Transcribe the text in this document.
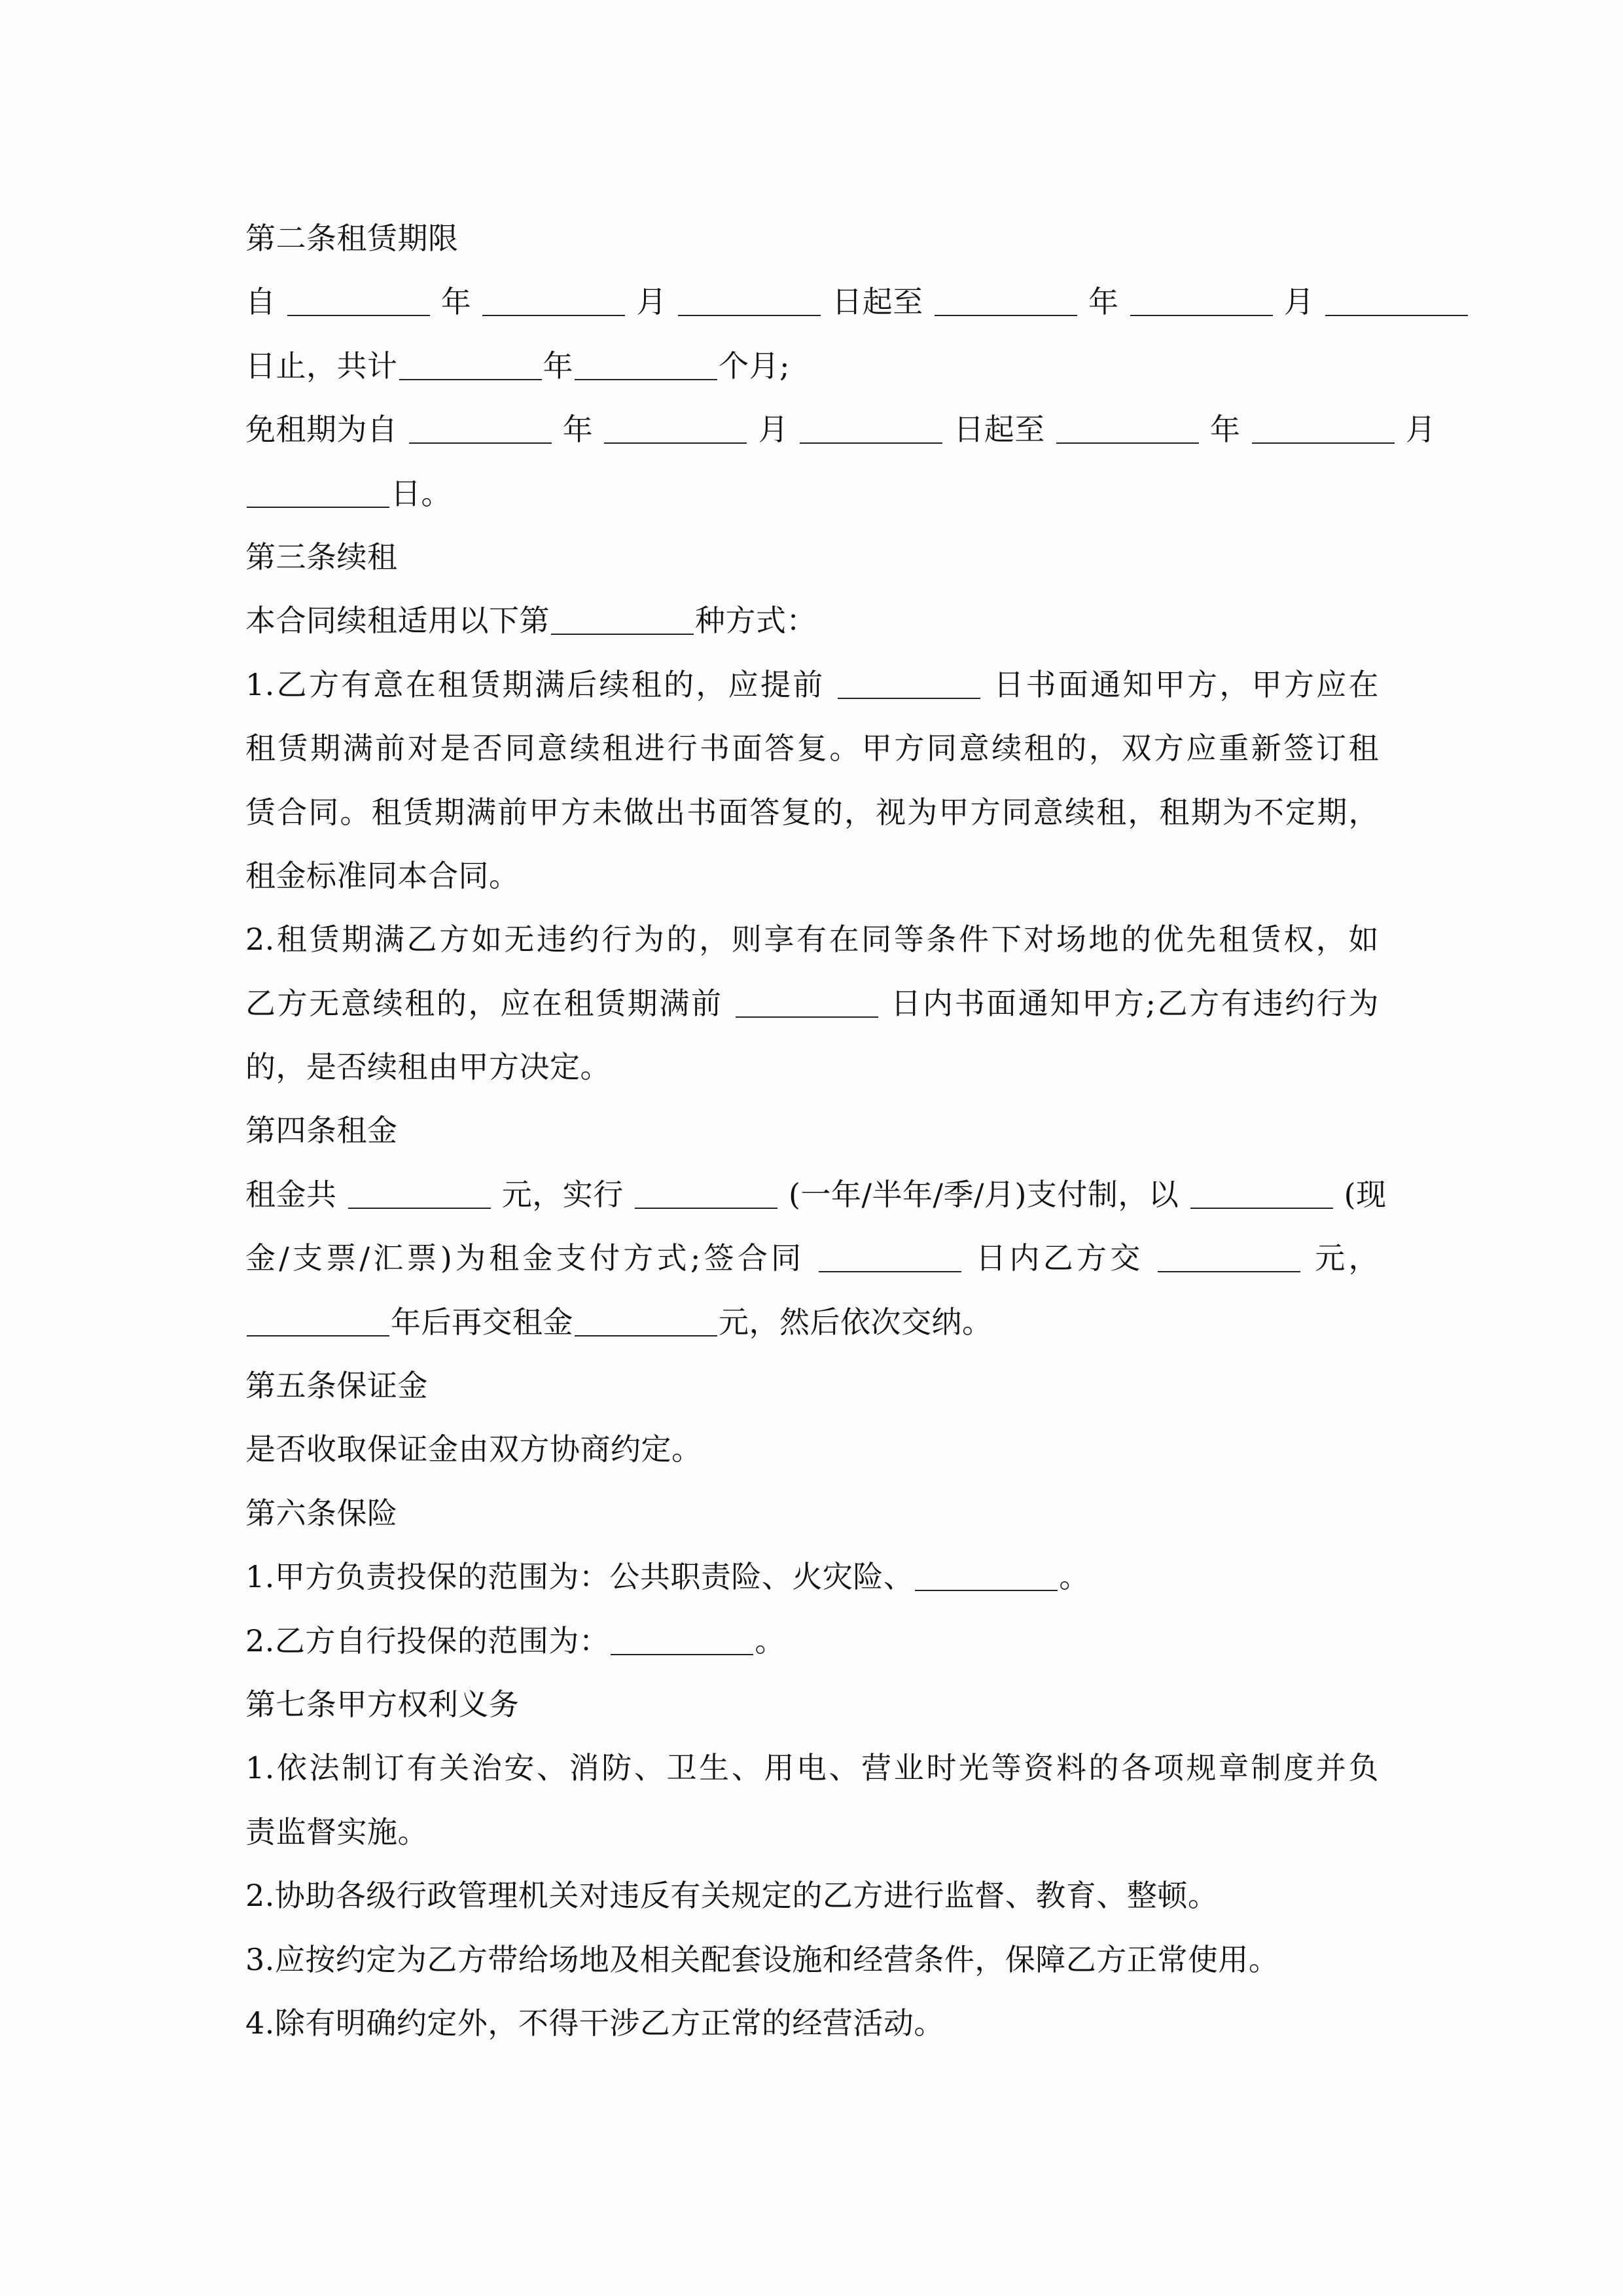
第二条租赁期限
自	年	月	日起至	年	月
日止，共计	年	个月;
免租期为自	年	月	日起至	年	月
日。
第三条续租
本合同续租适用以下第	种方式：
1.乙方有意在租赁期满后续租的，应提前	日书面通知甲方，甲方应在
租赁期满前对是否同意续租进行书面答复。甲方同意续租的，双方应重新签订租
赁合同。租赁期满前甲方未做出书面答复的，视为甲方同意续租，租期为不定期，
租金标准同本合同。
2.租赁期满乙方如无违约行为的，则享有在同等条件下对场地的优先租赁权，如
乙方无意续租的，应在租赁期满前	日内书面通知甲方;乙方有违约行为
的，是否续租由甲方决定。
第四条租金
租金共	元，实行	(一年/半年/季/月)支付制，以	(现
金/支票/汇票)为租金支付方式;签合同	日内乙方交	元，
年后再交租金	元，然后依次交纳。
第五条保证金
是否收取保证金由双方协商约定。
第六条保险
1.甲方负责投保的范围为：公共职责险、火灾险、	。
2.乙方自行投保的范围为：	。
第七条甲方权利义务
1.依法制订有关治安、消防、卫生、用电、营业时光等资料的各项规章制度并负
责监督实施。
2.协助各级行政管理机关对违反有关规定的乙方进行监督、教育、整顿。
3.应按约定为乙方带给场地及相关配套设施和经营条件，保障乙方正常使用。
4.除有明确约定外，不得干涉乙方正常的经营活动。
